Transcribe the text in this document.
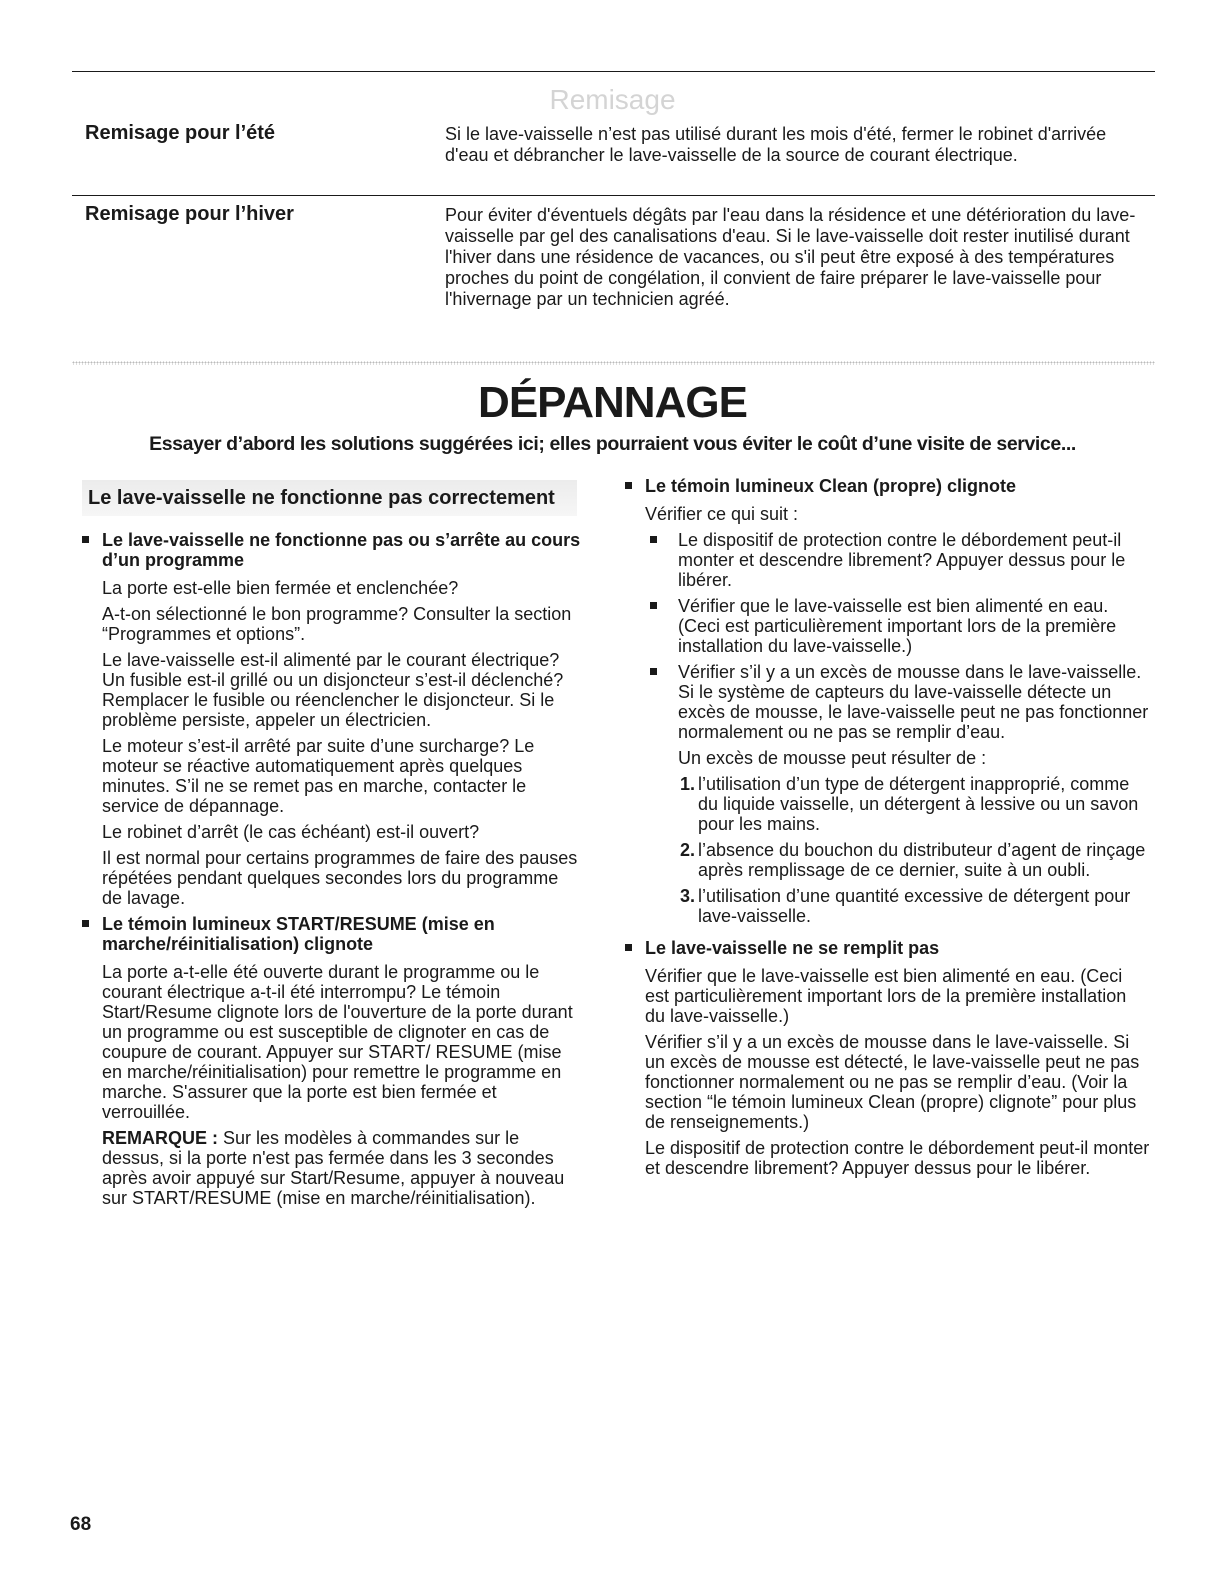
Remisage
Remisage pour l’été	Si le lave-vaisselle n’est pas utilisé durant les mois d'été, fermer le robinet d'arrivée d'eau et débrancher le lave-vaisselle de la source de courant électrique.
Remisage pour l’hiver	Pour éviter d'éventuels dégâts par l'eau dans la résidence et une détérioration du lave-vaisselle par gel des canalisations d'eau. Si le lave-vaisselle doit rester inutilisé durant l'hiver dans une résidence de vacances, ou s'il peut être exposé à des températures proches du point de congélation, il convient de faire préparer le lave-vaisselle pour l'hivernage par un technicien agréé.
DÉPANNAGE
Essayer d’abord les solutions suggérées ici; elles pourraient vous éviter le coût d’une visite de service...
Le lave-vaisselle ne fonctionne pas correctement

Le lave-vaisselle ne fonctionne pas ou s’arrête au cours d’un programme

La porte est-elle bien fermée et enclenchée?

A-t-on sélectionné le bon programme? Consulter la section “Programmes et options”.

Le lave-vaisselle est-il alimenté par le courant électrique? Un fusible est-il grillé ou un disjoncteur s’est-il déclenché? Remplacer le fusible ou réenclencher le disjoncteur. Si le problème persiste, appeler un électricien.

Le moteur s’est-il arrêté par suite d’une surcharge? Le moteur se réactive automatiquement après quelques minutes. S’il ne se remet pas en marche, contacter le service de dépannage.

Le robinet d’arrêt (le cas échéant) est-il ouvert?

Il est normal pour certains programmes de faire des pauses répétées pendant quelques secondes lors du programme de lavage.

Le témoin lumineux START/RESUME (mise en marche/réinitialisation) clignote

La porte a-t-elle été ouverte durant le programme ou le courant électrique a-t-il été interrompu? Le témoin Start/Resume clignote lors de l'ouverture de la porte durant un programme ou est susceptible de clignoter en cas de coupure de courant. Appuyer sur START/ RESUME (mise en marche/réinitialisation) pour remettre le programme en marche. S'assurer que la porte est bien fermée et verrouillée.

REMARQUE : Sur les modèles à commandes sur le dessus, si la porte n'est pas fermée dans les 3 secondes après avoir appuyé sur Start/Resume, appuyer à nouveau sur START/RESUME (mise en marche/réinitialisation).

Le témoin lumineux Clean (propre) clignote

Vérifier ce qui suit :

Le dispositif de protection contre le débordement peut-il monter et descendre librement? Appuyer dessus pour le libérer.
Vérifier que le lave-vaisselle est bien alimenté en eau. (Ceci est particulièrement important lors de la première installation du lave-vaisselle.)
Vérifier s’il y a un excès de mousse dans le lave-vaisselle. Si le système de capteurs du lave-vaisselle détecte un excès de mousse, le lave-vaisselle peut ne pas fonctionner normalement ou ne pas se remplir d’eau.

Un excès de mousse peut résulter de :

1. l’utilisation d’un type de détergent inapproprié, comme du liquide vaisselle, un détergent à lessive ou un savon pour les mains.
2. l’absence du bouchon du distributeur d’agent de rinçage après remplissage de ce dernier, suite à un oubli.
3. l’utilisation d’une quantité excessive de détergent pour lave-vaisselle.

Le lave-vaisselle ne se remplit pas

Vérifier que le lave-vaisselle est bien alimenté en eau. (Ceci est particulièrement important lors de la première installation du lave-vaisselle.)

Vérifier s’il y a un excès de mousse dans le lave-vaisselle. Si un excès de mousse est détecté, le lave-vaisselle peut ne pas fonctionner normalement ou ne pas se remplir d’eau. (Voir la section “le témoin lumineux Clean (propre) clignote” pour plus de renseignements.)

Le dispositif de protection contre le débordement peut-il monter et descendre librement? Appuyer dessus pour le libérer.

68
